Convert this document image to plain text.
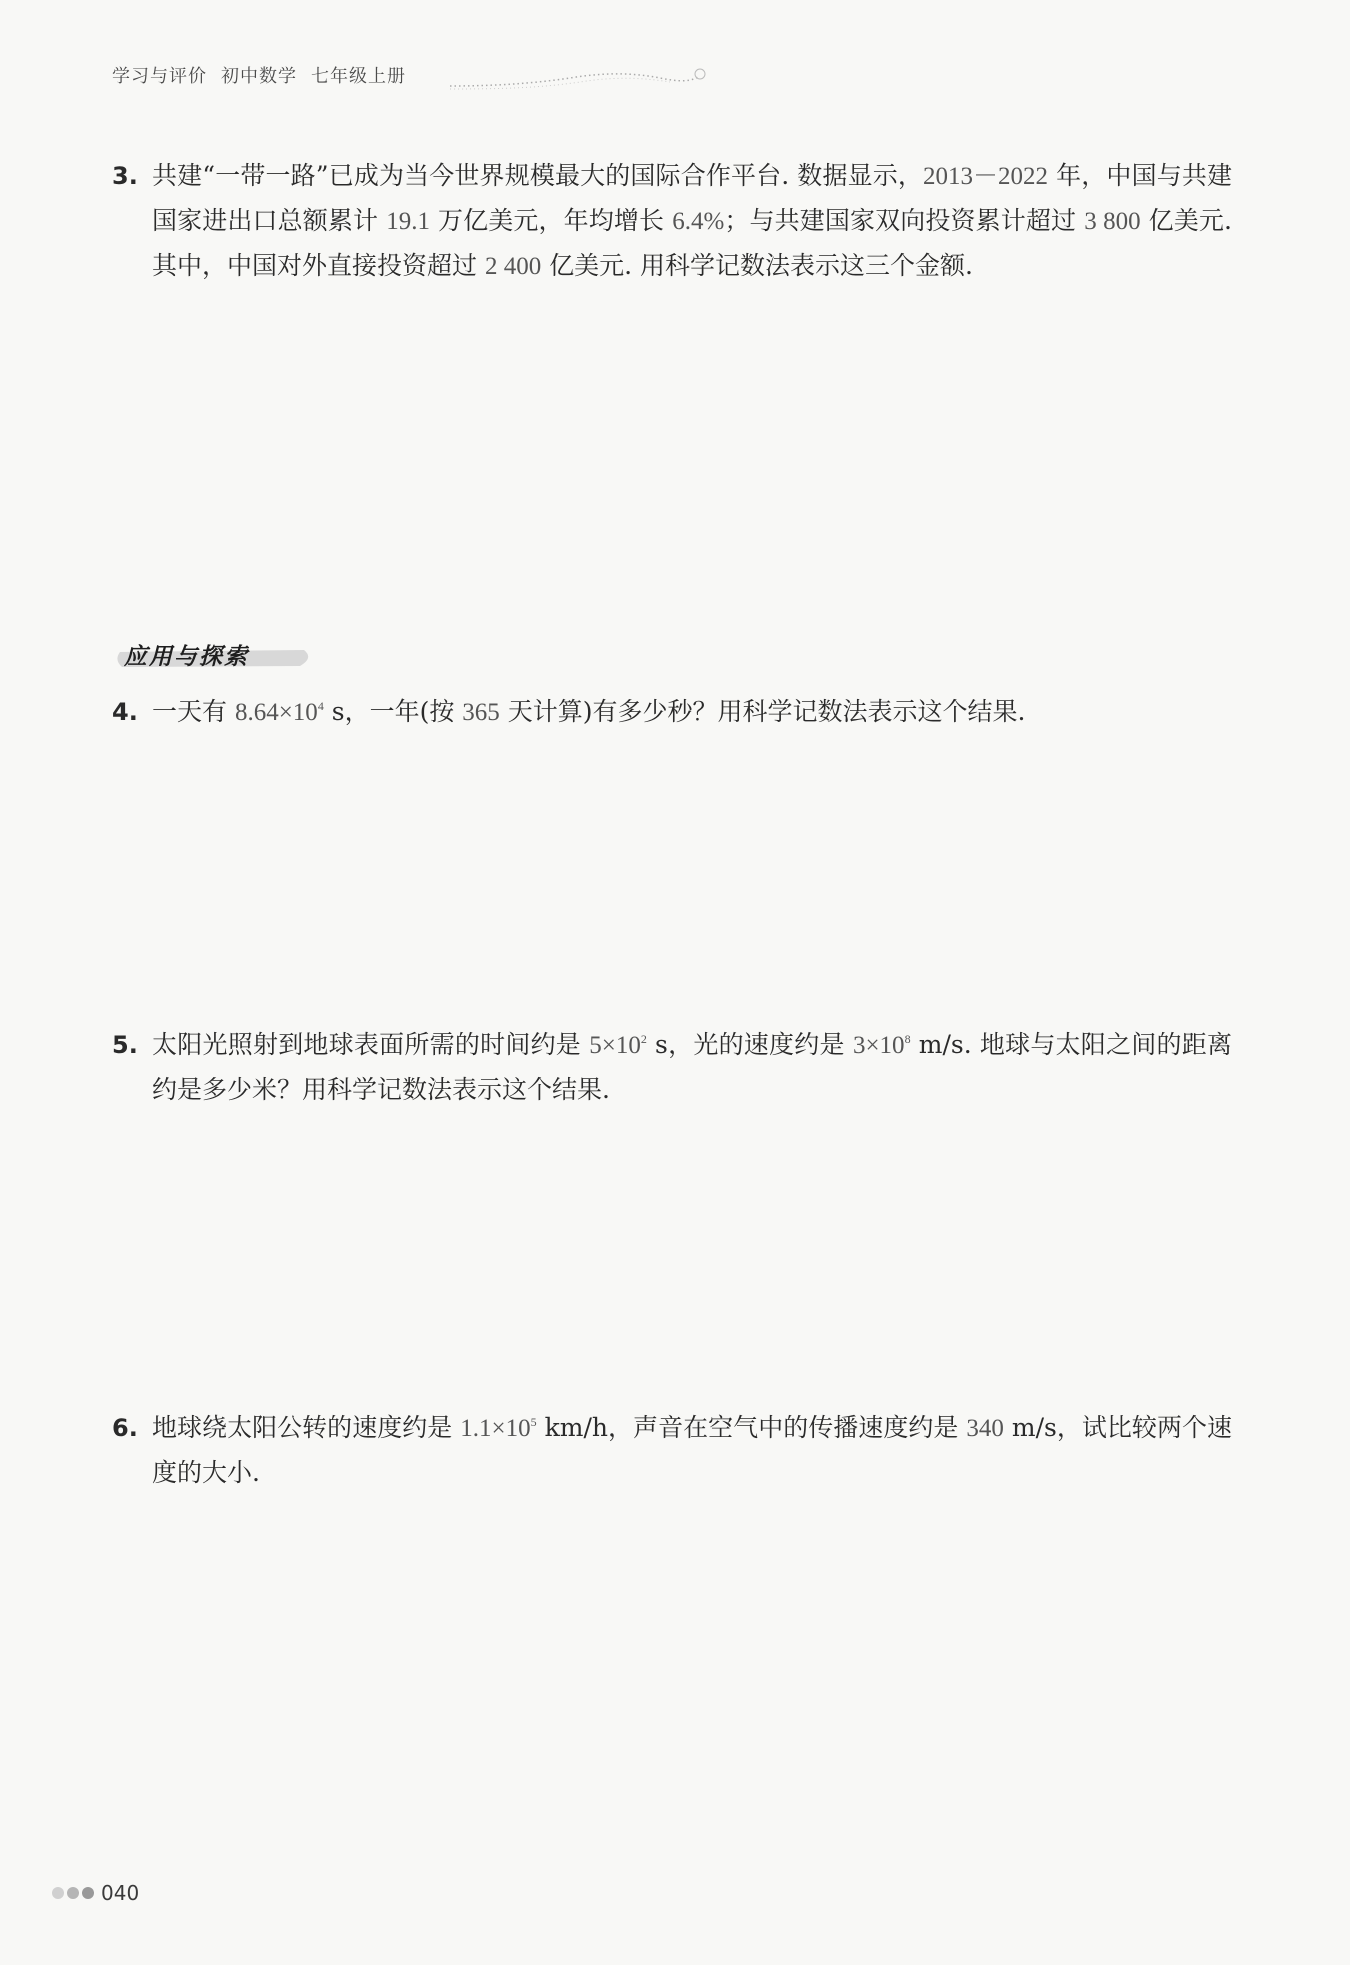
学习与评价 初中数学 七年级上册
3. 共建“一带一路”已成为当今世界规模最大的国际合作平台. 数据显示，2013－2022 年，中国与共建国家进出口总额累计 19.1 万亿美元，年均增长 6.4%；与共建国家双向投资累计超过 3 800 亿美元. 其中，中国对外直接投资超过 2 400 亿美元. 用科学记数法表示这三个金额.
应用与探索
4. 一天有 $8.64\times 10^4$ s，一年(按 365 天计算)有多少秒？用科学记数法表示这个结果.
5. 太阳光照射到地球表面所需的时间约是 $5\times 10^2$ s，光的速度约是 $3\times 10^8$ m/s. 地球与太阳之间的距离约是多少米？用科学记数法表示这个结果.
6. 地球绕太阳公转的速度约是 $1.1\times 10^5$ km/h，声音在空气中的传播速度约是 340 m/s，试比较两个速度的大小.
040
